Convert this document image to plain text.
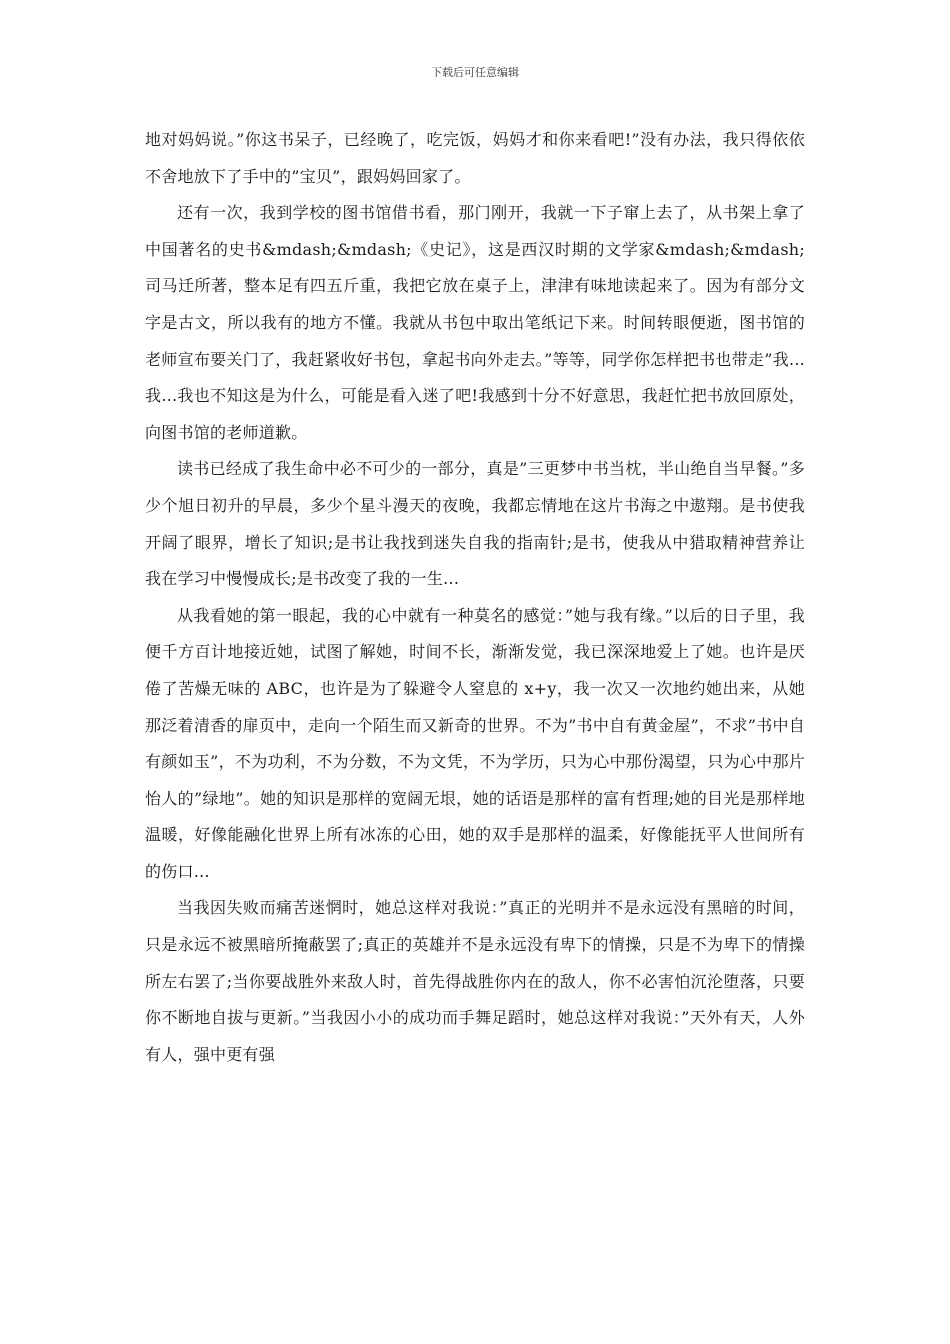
下载后可任意编辑

地对妈妈说。”你这书呆子，已经晚了，吃完饭，妈妈才和你来看吧!”没有办法，我只得依依不舍地放下了手中的”宝贝”，跟妈妈回家了。

还有一次，我到学校的图书馆借书看，那门刚开，我就一下子窜上去了，从书架上拿了中国著名的史书&mdash;&mdash;《史记》，这是西汉时期的文学家&mdash;&mdash;司马迁所著，整本足有四五斤重，我把它放在桌子上，津津有味地读起来了。因为有部分文字是古文，所以我有的地方不懂。我就从书包中取出笔纸记下来。时间转眼便逝，图书馆的老师宣布要关门了，我赶紧收好书包，拿起书向外走去。”等等，同学你怎样把书也带走”我...我...我也不知这是为什么，可能是看入迷了吧!我感到十分不好意思，我赶忙把书放回原处，向图书馆的老师道歉。

读书已经成了我生命中必不可少的一部分，真是”三更梦中书当枕，半山绝自当早餐。”多少个旭日初升的早晨，多少个星斗漫天的夜晚，我都忘情地在这片书海之中遨翔。是书使我开阔了眼界，增长了知识;是书让我找到迷失自我的指南针;是书，使我从中猎取精神营养让我在学习中慢慢成长;是书改变了我的一生...

从我看她的第一眼起，我的心中就有一种莫名的感觉：”她与我有缘。”以后的日子里，我便千方百计地接近她，试图了解她，时间不长，渐渐发觉，我已深深地爱上了她。也许是厌倦了苦燥无味的 ABC，也许是为了躲避令人窒息的 x+y，我一次又一次地约她出来，从她那泛着清香的扉页中，走向一个陌生而又新奇的世界。不为”书中自有黄金屋”，不求”书中自有颜如玉”，不为功利，不为分数，不为文凭，不为学历，只为心中那份渴望，只为心中那片怡人的”绿地”。她的知识是那样的宽阔无垠，她的话语是那样的富有哲理;她的目光是那样地温暖，好像能融化世界上所有冰冻的心田，她的双手是那样的温柔，好像能抚平人世间所有的伤口...

当我因失败而痛苦迷惘时，她总这样对我说：”真正的光明并不是永远没有黑暗的时间，只是永远不被黑暗所掩蔽罢了;真正的英雄并不是永远没有卑下的情操，只是不为卑下的情操所左右罢了;当你要战胜外来敌人时，首先得战胜你内在的敌人，你不必害怕沉沦堕落，只要你不断地自拔与更新。”当我因小小的成功而手舞足蹈时，她总这样对我说：”天外有天，人外有人，强中更有强
